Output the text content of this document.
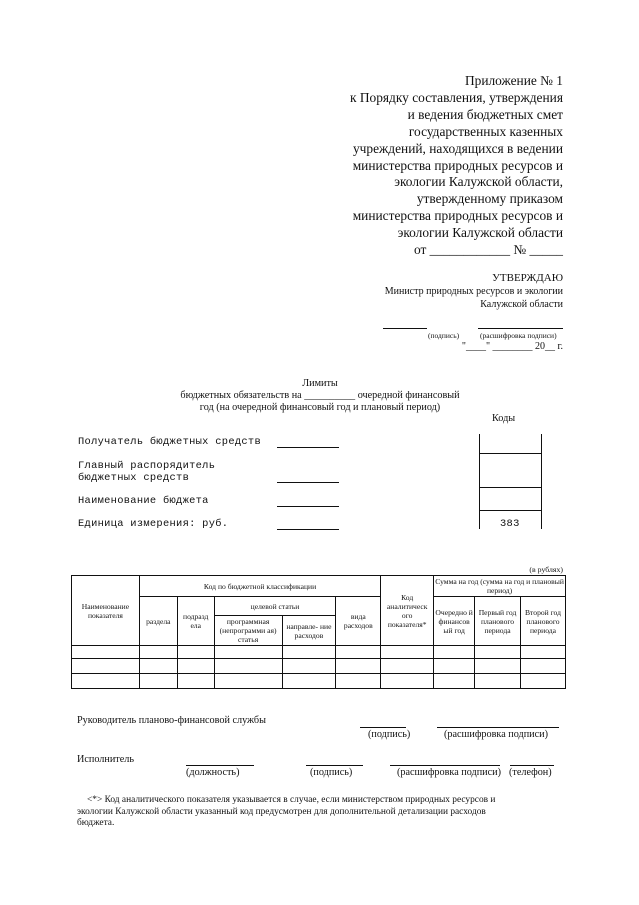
Приложение № 1
к Порядку составления, утверждения
и ведения бюджетных смет
государственных казенных
учреждений, находящихся в ведении
министерства природных ресурсов и
экологии Калужской области,
утвержденному приказом
министерства природных ресурсов и
экологии Калужской области
от ____________ № _____
УТВЕРЖДАЮ
Министр природных ресурсов и экологии
Калужской области
(подпись)	(расшифровка подписи)
"____" ________ 20__ г.
Лимиты
бюджетных обязательств на __________ очередной финансовый
год (на очередной финансовый год и плановый период)
Коды
Получатель бюджетных средств
Главный распорядитель
бюджетных средств
Наименование бюджета
Единица измерения: руб.	383
(в рублях)
Наименование показателя	Код по бюджетной классификации					Код аналитическ ого показателя*	Сумма на год (сумма на год и плановый период)		
	раздела	подразд ела	целевой статьи		вида расходов		Очередно й финансов ый год	Первый год планового периода	Второй год планового периода
			программная (непрограмми ая) статья	направле- ние расходов					

Руководитель планово-финансовой службы
(подпись)	(расшифровка подписи)
Исполнитель
(должность)	(подпись)	(расшифровка подписи) (телефон)
<*> Код аналитического показателя указывается в случае, если министерством природных ресурсов и
экологии Калужской области указанный код предусмотрен для дополнительной детализации расходов
бюджета.
